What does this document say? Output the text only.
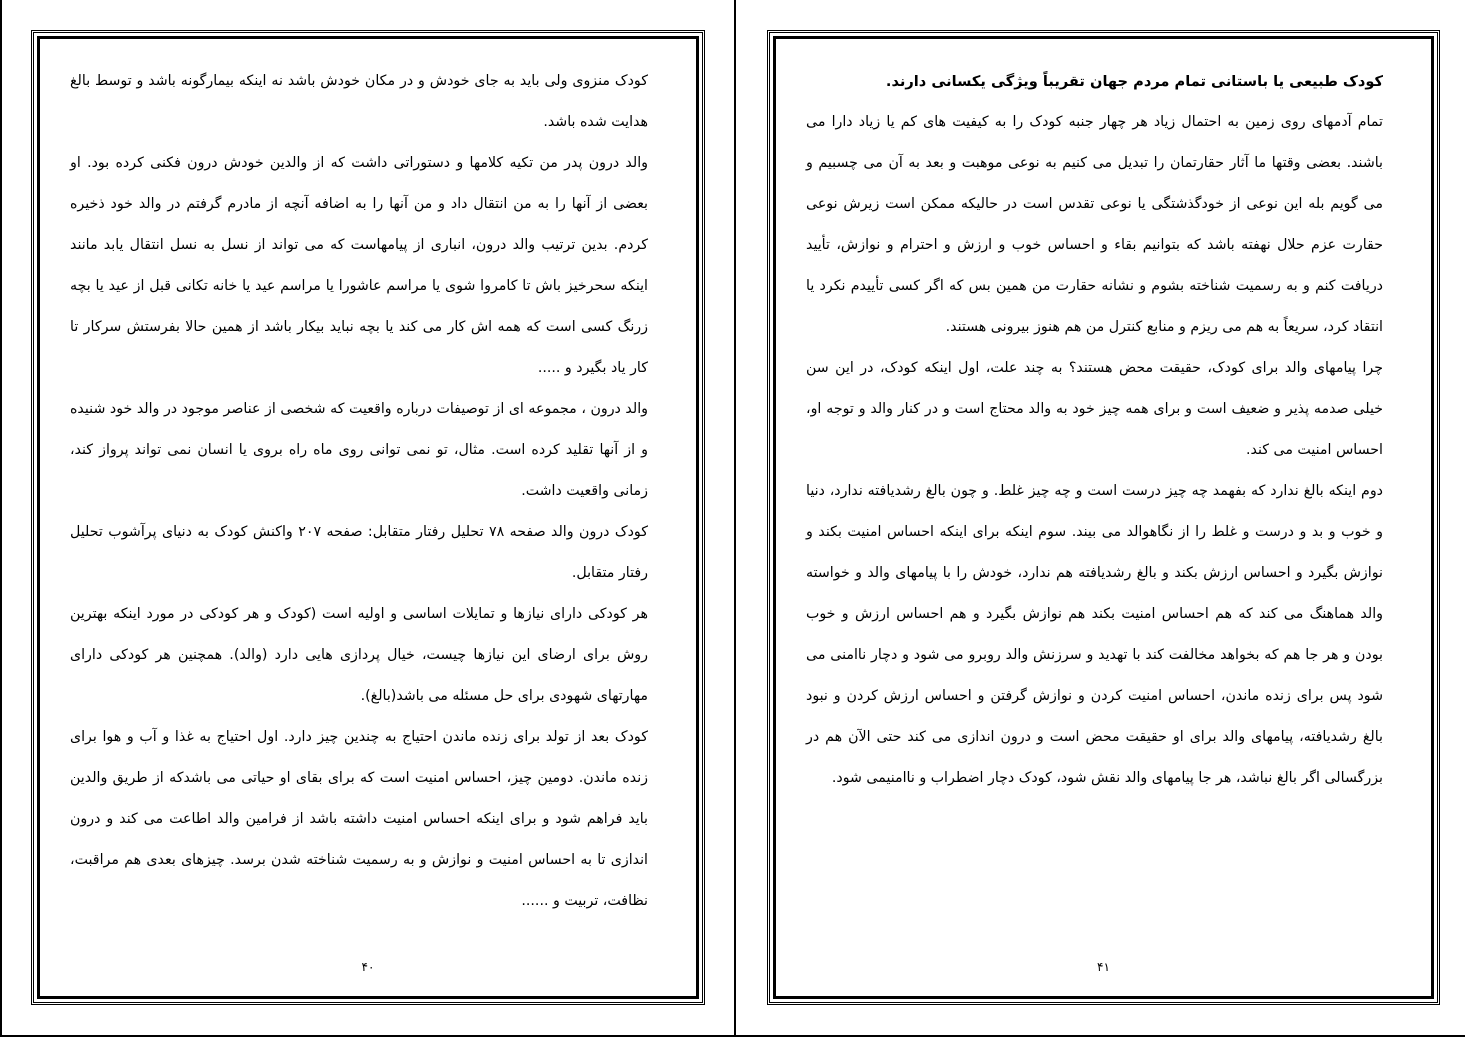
کودک منزوی ولی باید به جای خودش و در مکان خودش باشد نه اینکه بیمارگونه باشد و توسط بالغ هدایت شده باشد.

والد درون پدر من تکیه کلامها و دستوراتی داشت که از والدین خودش درون فکنی کرده بود. او بعضی از آنها را به من انتقال داد و من آنها را به اضافه آنچه از مادرم گرفتم در والد خود ذخیره کردم. بدین ترتیب والد درون، انباری از پیامهاست که می تواند از نسل به نسل انتقال یابد مانند اینکه سحرخیز باش تا کامروا شوی یا مراسم عاشورا یا مراسم عید یا خانه تکانی قبل از عید یا بچه زرنگ کسی است که همه اش کار می کند یا بچه نباید بیکار باشد از همین حالا بفرستش سرکار تا کار یاد بگیرد و .....

والد درون ، مجموعه ای از توصیفات درباره واقعیت که شخصی از عناصر موجود در والد خود شنیده و از آنها تقلید کرده است. مثال، تو نمی توانی روی ماه راه بروی یا انسان نمی تواند پرواز کند، زمانی واقعیت داشت.

کودک درون والد صفحه ۷۸ تحلیل رفتار متقابل: صفحه ۲۰۷ واکنش کودک به دنیای پرآشوب تحلیل رفتار متقابل.

هر کودکی دارای نیازها و تمایلات اساسی و اولیه است (کودک و هر کودکی در مورد اینکه بهترین روش برای ارضای این نیازها چیست، خیال پردازی هایی دارد (والد). همچنین هر کودکی دارای مهارتهای شهودی برای حل مسئله می باشد(بالغ).

کودک بعد از تولد برای زنده ماندن احتیاج به چندین چیز دارد. اول احتیاج به غذا و آب و هوا برای زنده ماندن. دومین چیز، احساس امنیت است که برای بقای او حیاتی می باشدکه از طریق والدین باید فراهم شود و برای اینکه احساس امنیت داشته باشد از فرامین والد اطاعت می کند و درون اندازی تا به احساس امنیت و نوازش و به رسمیت شناخته شدن برسد. چیزهای بعدی هم مراقبت، نظافت، تربیت و ......

۴۰

کودک طبیعی یا باستانی تمام مردم جهان تقریباً ویژگی یکسانی دارند.

تمام آدمهای روی زمین به احتمال زیاد هر چهار جنبه کودک را به کیفیت های کم یا زیاد دارا می باشند. بعضی وقتها ما آثار حقارتمان را تبدیل می کنیم به نوعی موهبت و بعد به آن می چسبیم و می گویم بله این نوعی از خودگذشتگی یا نوعی تقدس است در حالیکه ممکن است زیرش نوعی حقارت عزم حلال نهفته باشد که بتوانیم بقاء و احساس خوب و ارزش و احترام و نوازش، تأیید دریافت کنم و به رسمیت شناخته بشوم و نشانه حقارت من همین بس که اگر کسی تأییدم نکرد یا انتقاد کرد، سریعاً به هم می ریزم و منابع کنترل من هم هنوز بیرونی هستند.

چرا پیامهای والد برای کودک، حقیقت محض هستند؟ به چند علت، اول اینکه کودک، در این سن خیلی صدمه پذیر و ضعیف است و برای همه چیز خود به والد محتاج است و در کنار والد و توجه او، احساس امنیت می کند.

دوم اینکه بالغ ندارد که بفهمد چه چیز درست است و چه چیز غلط. و چون بالغ رشدیافته ندارد، دنیا و خوب و بد و درست و غلط را از نگاهوالد می بیند. سوم اینکه برای اینکه احساس امنیت بکند و نوازش بگیرد و احساس ارزش بکند و بالغ رشدیافته هم ندارد، خودش را با پیامهای والد و خواسته والد هماهنگ می کند که هم احساس امنیت بکند هم نوازش بگیرد و هم احساس ارزش و خوب بودن و هر جا هم که بخواهد مخالفت کند با تهدید و سرزنش والد روبرو می شود و دچار ناامنی می شود پس برای زنده ماندن، احساس امنیت کردن و نوازش گرفتن و احساس ارزش کردن و نبود بالغ رشدیافته، پیامهای والد برای او حقیقت محض است و درون اندازی می کند حتی الآن هم در بزرگسالی اگر بالغ نباشد، هر جا پیامهای والد نقش شود، کودک دچار اضطراب و ناامنیمی شود.

۴۱
